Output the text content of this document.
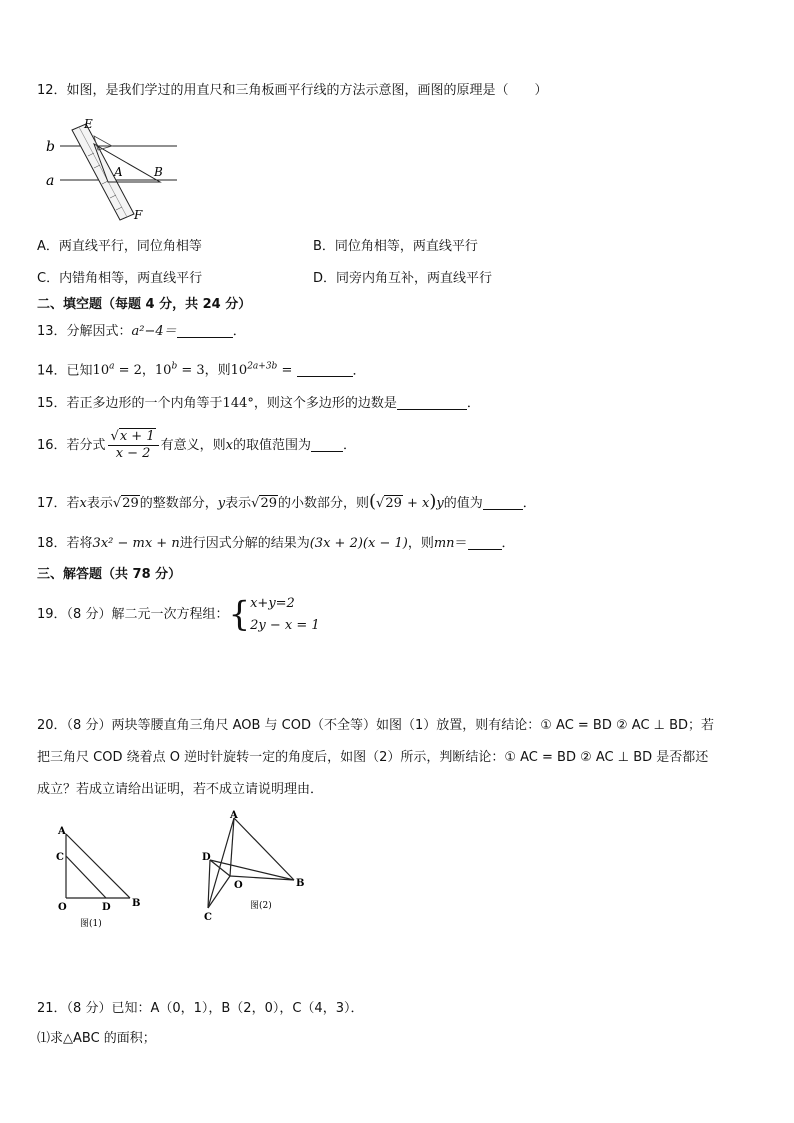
12．如图，是我们学过的用直尺和三角板画平行线的方法示意图，画图的原理是（　　）
E
b
a
A	B
F
A．两直线平行，同位角相等	B．同位角相等，两直线平行
C．内错角相等，两直线平行	D．同旁内角互补，两直线平行
二、填空题（每题 4 分，共 24 分）
13．分解因式：a²−4＝	．
14．已知$10^a = 2$，$10^b = 3$，则$10^{2a+3b}$ =	．
15．若正多边形的一个内角等于144°，则这个多边形的边数是	．
16．若分式 $\frac{√x + 1}{x - 2}$ 有意义，则x的取值范围为 ．
17．若x表示√29的整数部分，y表示√29的小数部分，则(√29 + x)y的值为	．
18．若将3x² − mx + n进行因式分解的结果为(3x + 2)(x − 1)，则mn＝	．
三、解答题（共 78 分）
19．（8 分）解二元一次方程组：{ x+y=2
2y − x = 1
20．（8 分）两块等腰直角三角尺 AOB 与 COD（不全等）如图（1）放置，则有结论：① AC = BD ② AC ⊥ BD；若
把三角尺 COD 绕着点 O 逆时针旋转一定的角度后，如图（2）所示，判断结论：① AC = BD ② AC ⊥ BD 是否都还
成立？若成立请给出证明，若不成立请说明理由．
A
C
O	D B
图(1)
A
D
O	B
C
图(2)
21．（8 分）已知：A（0，1），B（2，0），C（4，3）．
⑴求△ABC 的面积；
